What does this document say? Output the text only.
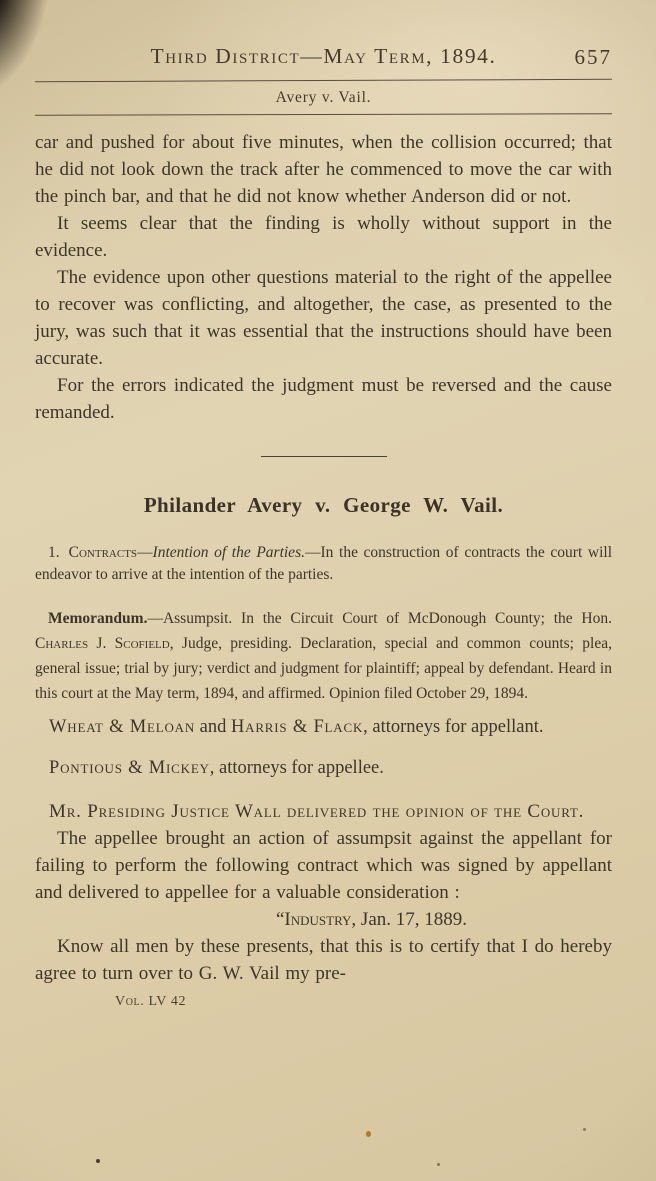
Third District—May Term, 1894.	657
Avery v. Vail.

car and pushed for about five minutes, when the collision occurred; that he did not look down the track after he commenced to move the car with the pinch bar, and that he did not know whether Anderson did or not.

It seems clear that the finding is wholly without support in the evidence.

The evidence upon other questions material to the right of the appellee to recover was conflicting, and altogether, the case, as presented to the jury, was such that it was essential that the instructions should have been accurate.

For the errors indicated the judgment must be reversed and the cause remanded.

Philander Avery v. George W. Vail.

1. Contracts—Intention of the Parties.—In the construction of contracts the court will endeavor to arrive at the intention of the parties.

Memorandum.—Assumpsit. In the Circuit Court of McDonough County; the Hon. Charles J. Scofield, Judge, presiding. Declaration, special and common counts; plea, general issue; trial by jury; verdict and judgment for plaintiff; appeal by defendant. Heard in this court at the May term, 1894, and affirmed. Opinion filed October 29, 1894.

Wheat & Meloan and Harris & Flack, attorneys for appellant.

Pontious & Mickey, attorneys for appellee.

Mr. Presiding Justice Wall delivered the opinion of the Court.

The appellee brought an action of assumpsit against the appellant for failing to perform the following contract which was signed by appellant and delivered to appellee for a valuable consideration :

“Industry, Jan. 17, 1889.

Know all men by these presents, that this is to certify that I do hereby agree to turn over to G. W. Vail my pre-

Vol. LV 42
